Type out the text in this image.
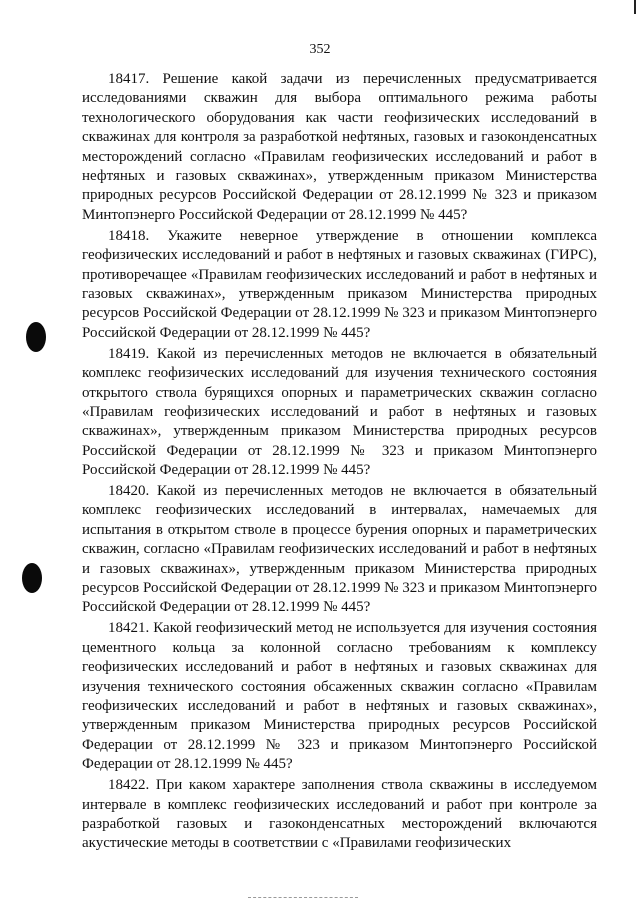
352

18417. Решение какой задачи из перечисленных предусматривается исследованиями скважин для выбора оптимального режима работы технологического оборудования как части геофизических исследований в скважинах для контроля за разработкой нефтяных, газовых и газоконденсатных месторождений согласно «Правилам геофизических исследований и работ в нефтяных и газовых скважинах», утвержденным приказом Министерства природных ресурсов Российской Федерации от 28.12.1999 № 323 и приказом Минтопэнерго Российской Федерации от 28.12.1999 № 445?

18418. Укажите неверное утверждение в отношении комплекса геофизических исследований и работ в нефтяных и газовых скважинах (ГИРС), противоречащее «Правилам геофизических исследований и работ в нефтяных и газовых скважинах», утвержденным приказом Министерства природных ресурсов Российской Федерации от 28.12.1999 № 323 и приказом Минтопэнерго Российской Федерации от 28.12.1999 № 445?

18419. Какой из перечисленных методов не включается в обязательный комплекс геофизических исследований для изучения технического состояния открытого ствола бурящихся опорных и параметрических скважин согласно «Правилам геофизических исследований и работ в нефтяных и газовых скважинах», утвержденным приказом Министерства природных ресурсов Российской Федерации от 28.12.1999 № 323 и приказом Минтопэнерго Российской Федерации от 28.12.1999 № 445?

18420. Какой из перечисленных методов не включается в обязательный комплекс геофизических исследований в интервалах, намечаемых для испытания в открытом стволе в процессе бурения опорных и параметрических скважин, согласно «Правилам геофизических исследований и работ в нефтяных и газовых скважинах», утвержденным приказом Министерства природных ресурсов Российской Федерации от 28.12.1999 № 323 и приказом Минтопэнерго Российской Федерации от 28.12.1999 № 445?

18421. Какой геофизический метод не используется для изучения состояния цементного кольца за колонной согласно требованиям к комплексу геофизических исследований и работ в нефтяных и газовых скважинах для изучения технического состояния обсаженных скважин согласно «Правилам геофизических исследований и работ в нефтяных и газовых скважинах», утвержденным приказом Министерства природных ресурсов Российской Федерации от 28.12.1999 № 323 и приказом Минтопэнерго Российской Федерации от 28.12.1999 № 445?

18422. При каком характере заполнения ствола скважины в исследуемом интервале в комплекс геофизических исследований и работ при контроле за разработкой газовых и газоконденсатных месторождений включаются акустические методы в соответствии с «Правилами геофизических
